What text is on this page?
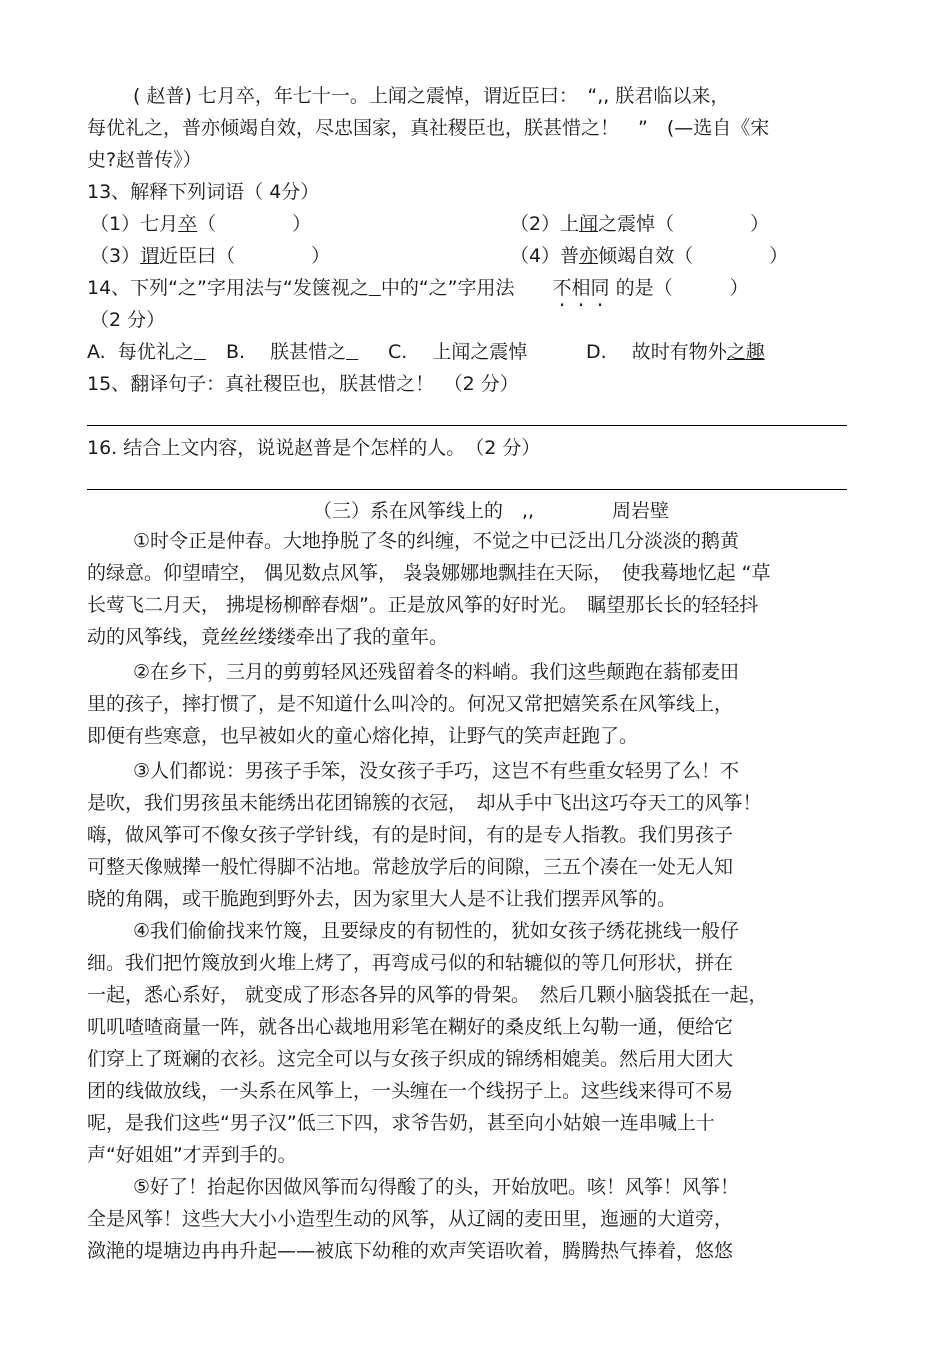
( 赵普) 七月卒，年七十一。上闻之震悼，谓近臣曰：　“,, 朕君临以来，
每优礼之，普亦倾竭自效，尽忠国家，真社稷臣也，朕甚惜之！　”　(—选自《宋
史?赵普传》）
13、解释下列词语（ 4分）
（1）七月卒（　　　　）	（2）上闻之震悼（　　　　）
（3）谓近臣曰（　　　　）	（4）普亦倾竭自效（　　　　）
14、下列“之”字用法与“发箧视之 中的“之”字用法　　不相同 的是（　　　）
（2 分）
A.  每优礼之	B.　 朕甚惜之	C.　 上闻之震悼	D.　 故时有物外之趣
15、翻译句子：真社稷臣也，朕甚惜之！　（2 分）
16. 结合上文内容，说说赵普是个怎样的人。　（2 分）
（三）系在风筝线上的　,,	周岩壁
①时令正是仲春。大地挣脱了冬的纠缠，不觉之中已泛出几分淡淡的鹅黄
的绿意。仰望晴空， 偶见数点风筝， 袅袅娜娜地飘挂在天际，　使我蓦地忆起 “草
长莺飞二月天， 拂堤杨柳醉春烟”。正是放风筝的好时光。　瞩望那长长的轻轻抖
动的风筝线，竟丝丝缕缕牵出了我的童年。
②在乡下，三月的剪剪轻风还残留着冬的料峭。我们这些颠跑在蓊郁麦田
里的孩子，摔打惯了，是不知道什么叫冷的。何况又常把嬉笑系在风筝线上，
即便有些寒意，也早被如火的童心熔化掉，让野气的笑声赶跑了。
③人们都说：男孩子手笨，没女孩子手巧，这岂不有些重女轻男了么！不
是吹，我们男孩虽未能绣出花团锦簇的衣冠，　却从手中飞出这巧夺天工的风筝！
嗨，做风筝可不像女孩子学针线，有的是时间，有的是专人指教。我们男孩子
可整天像贼撵一般忙得脚不沾地。常趁放学后的间隙，三五个凑在一处无人知
晓的角隅，或干脆跑到野外去，因为家里大人是不让我们摆弄风筝的。
④我们偷偷找来竹篾，且要绿皮的有韧性的，犹如女孩子绣花挑线一般仔
细。我们把竹篾放到火堆上烤了，再弯成弓似的和轱辘似的等几何形状，拼在
一起，悉心系好， 就变成了形态各异的风筝的骨架。　然后几颗小脑袋抵在一起，
叽叽喳喳商量一阵，就各出心裁地用彩笔在糊好的桑皮纸上勾勒一通，便给它
们穿上了斑斓的衣衫。这完全可以与女孩子织成的锦绣相媲美。然后用大团大
团的线做放线，一头系在风筝上，一头缠在一个线拐子上。这些线来得可不易
呢，是我们这些“男子汉”低三下四，求爷告奶，甚至向小姑娘一连串喊上十
声“好姐姐”才弄到手的。
⑤好了！抬起你因做风筝而勾得酸了的头，开始放吧。咳！风筝！风筝！
全是风筝！这些大大小小造型生动的风筝，从辽阔的麦田里，迤逦的大道旁，
潋滟的堤塘边冉冉升起——被底下幼稚的欢声笑语吹着，腾腾热气捧着，悠悠
